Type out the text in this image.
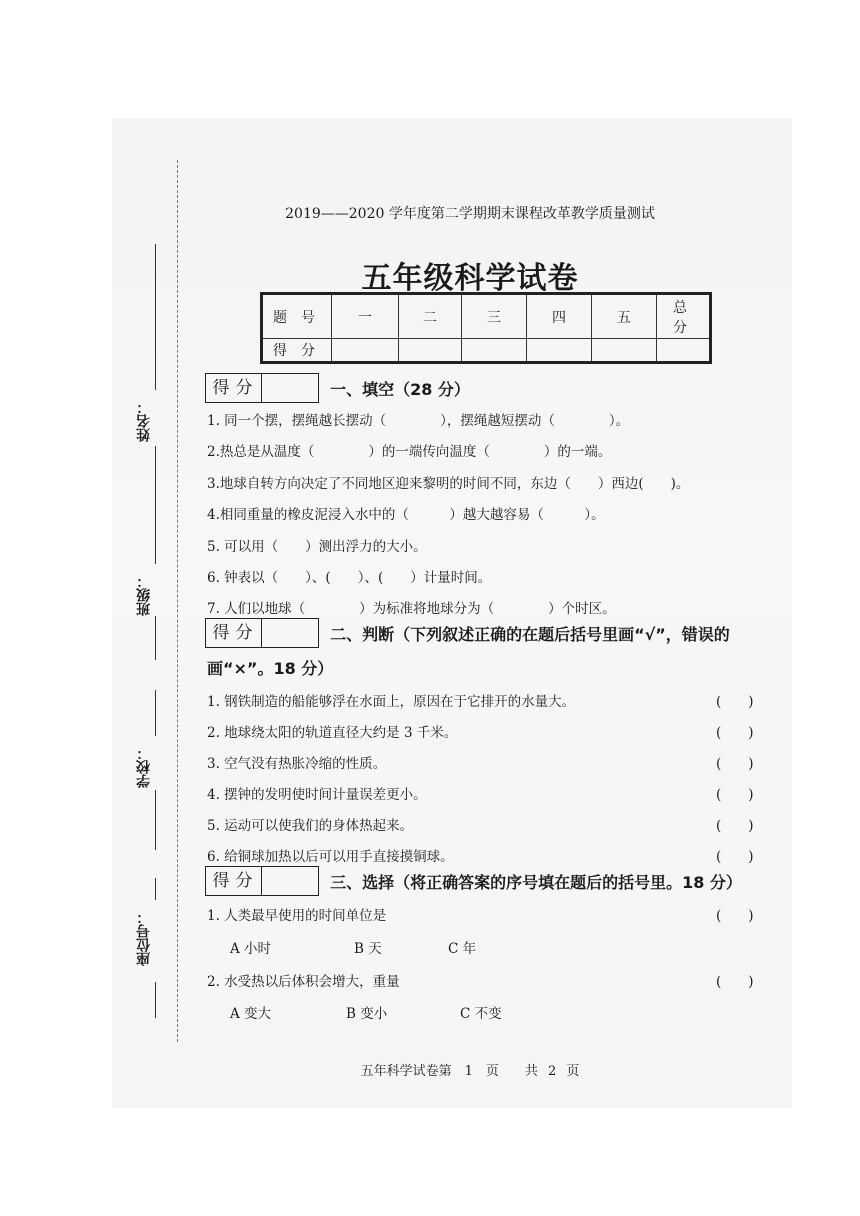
姓名：
班级：
学校：
座位号：
2019——2020 学年度第二学期期末课程改革教学质量测试
五年级科学试卷
题号	一	二	三	四	五	总分
得分						
得分	一、填空（28 分）
1. 同一个摆，摆绳越长摆动（　　　　），摆绳越短摆动（　　　　）。
2.热总是从温度（　　　　）的一端传向温度（　　　　）的一端。
3.地球自转方向决定了不同地区迎来黎明的时间不同，东边（　　）西边(　　)。
4.相同重量的橡皮泥浸入水中的（　　　）越大越容易（　　　）。
5. 可以用（　　）测出浮力的大小。
6. 钟表以（　　）、(　　）、(　　）计量时间。
7. 人们以地球（　　　　）为标准将地球分为（　　　　）个时区。
得分	二、判断（下列叙述正确的在题后括号里画“√”，错误的
画“×”。18 分）
1. 钢铁制造的船能够浮在水面上，原因在于它排开的水量大。	(　　)
2. 地球绕太阳的轨道直径大约是 3 千米。	(　　)
3. 空气没有热胀冷缩的性质。	(　　)
4. 摆钟的发明使时间计量误差更小。	(　　)
5. 运动可以使我们的身体热起来。	(　　)
6. 给铜球加热以后可以用手直接摸铜球。	(　　)
得分	三、选择（将正确答案的序号填在题后的括号里。18 分）
1. 人类最早使用的时间单位是	(　　)
A 小时	B 天	C 年
2. 水受热以后体积会增大，重量	(　　)
A 变大	B 变小	C 不变
五年科学试卷第　1　页　　共 2 页
